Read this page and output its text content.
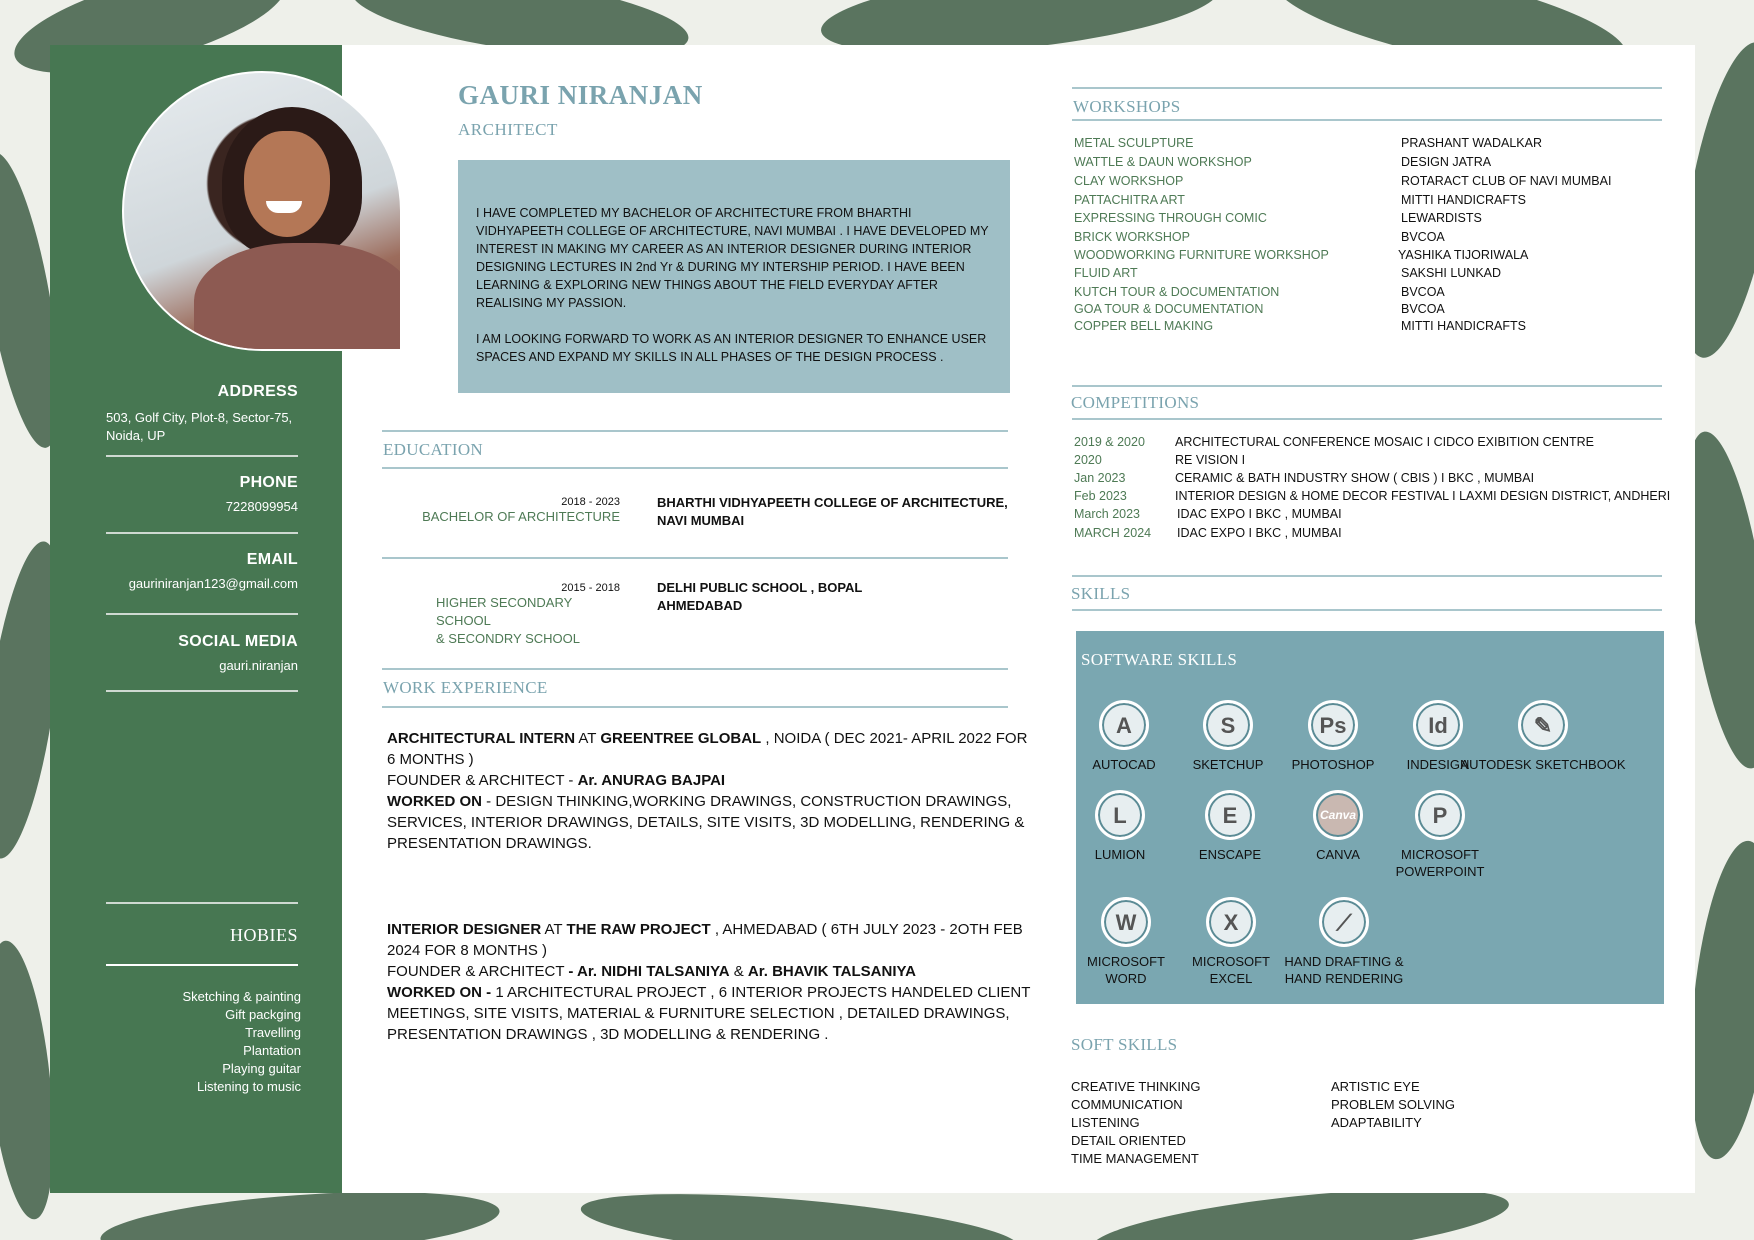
ADDRESS
503, Golf City, Plot-8, Sector-75,
Noida, UP
PHONE
7228099954
EMAIL
gauriniranjan123@gmail.com
SOCIAL MEDIA
gauri.niranjan
HOBIES
Sketching & painting
Gift packging
Travelling
Plantation
Playing guitar
Listening to music
GAURI NIRANJAN
ARCHITECT

I HAVE COMPLETED MY BACHELOR OF ARCHITECTURE FROM BHARTHI VIDHYAPEETH COLLEGE OF ARCHITECTURE, NAVI MUMBAI . I HAVE DEVELOPED MY INTEREST IN MAKING MY CAREER AS AN INTERIOR DESIGNER DURING INTERIOR DESIGNING LECTURES IN 2nd Yr & DURING MY INTERSHIP PERIOD. I HAVE BEEN LEARNING & EXPLORING NEW THINGS ABOUT THE FIELD EVERYDAY AFTER REALISING MY PASSION.

I AM LOOKING FORWARD TO WORK AS AN INTERIOR DESIGNER TO ENHANCE USER SPACES AND EXPAND MY SKILLS IN ALL PHASES OF THE DESIGN PROCESS .

EDUCATION
2018 - 2023
BACHELOR OF ARCHITECTURE
BHARTHI VIDHYAPEETH COLLEGE OF ARCHITECTURE,
NAVI MUMBAI
2015 - 2018
HIGHER SECONDARY SCHOOL
& SECONDRY SCHOOL
DELHI PUBLIC SCHOOL , BOPAL
AHMEDABAD
WORK EXPERIENCE
ARCHITECTURAL INTERN AT GREENTREE GLOBAL , NOIDA ( DEC 2021- APRIL 2022 FOR 6 MONTHS )
FOUNDER & ARCHITECT - Ar. ANURAG BAJPAI
WORKED ON - DESIGN THINKING,WORKING DRAWINGS, CONSTRUCTION DRAWINGS, SERVICES, INTERIOR DRAWINGS, DETAILS, SITE VISITS, 3D MODELLING, RENDERING & PRESENTATION DRAWINGS.
INTERIOR DESIGNER AT THE RAW PROJECT , AHMEDABAD ( 6TH JULY 2023 - 2OTH FEB 2024 FOR 8 MONTHS )
FOUNDER & ARCHITECT - Ar. NIDHI TALSANIYA & Ar. BHAVIK TALSANIYA
WORKED ON - 1 ARCHITECTURAL PROJECT , 6 INTERIOR PROJECTS HANDELED CLIENT MEETINGS, SITE VISITS, MATERIAL & FURNITURE SELECTION , DETAILED DRAWINGS, PRESENTATION DRAWINGS , 3D MODELLING & RENDERING .
WORKSHOPS
METAL SCULPTURE	PRASHANT WADALKAR
WATTLE & DAUN WORKSHOP	DESIGN JATRA
CLAY WORKSHOP	ROTARACT CLUB OF NAVI MUMBAI
PATTACHITRA ART	MITTI HANDICRAFTS
EXPRESSING THROUGH COMIC	LEWARDISTS
BRICK WORKSHOP	BVCOA
WOODWORKING FURNITURE WORKSHOP	YASHIKA TIJORIWALA
FLUID ART	SAKSHI LUNKAD
KUTCH TOUR & DOCUMENTATION	BVCOA
GOA TOUR & DOCUMENTATION	BVCOA
COPPER BELL MAKING	MITTI HANDICRAFTS
COMPETITIONS
2019 & 2020 ARCHITECTURAL CONFERENCE MOSAIC I CIDCO EXIBITION CENTRE
2020	RE VISION I
Jan 2023	CERAMIC & BATH INDUSTRY SHOW ( CBIS ) I BKC , MUMBAI
Feb 2023	INTERIOR DESIGN & HOME DECOR FESTIVAL I LAXMI DESIGN DISTRICT, ANDHERI
March 2023	IDAC EXPO I BKC , MUMBAI
MARCH 2024 IDAC EXPO I BKC , MUMBAI
SKILLS
SOFTWARE SKILLS
A
AUTOCAD
S
SKETCHUP
Ps
PHOTOSHOP
Id
INDESIGN
✎
AUTODESK SKETCHBOOK
L
LUMION
E
ENSCAPE
Canva
CANVA
P
MICROSOFT POWERPOINT
W
MICROSOFT
WORD
X
MICROSOFT
EXCEL
⟋
HAND DRAFTING &
HAND RENDERING
SOFT SKILLS
CREATIVE THINKING
COMMUNICATION
LISTENING
DETAIL ORIENTED
TIME MANAGEMENT
ARTISTIC EYE
PROBLEM SOLVING
ADAPTABILITY
